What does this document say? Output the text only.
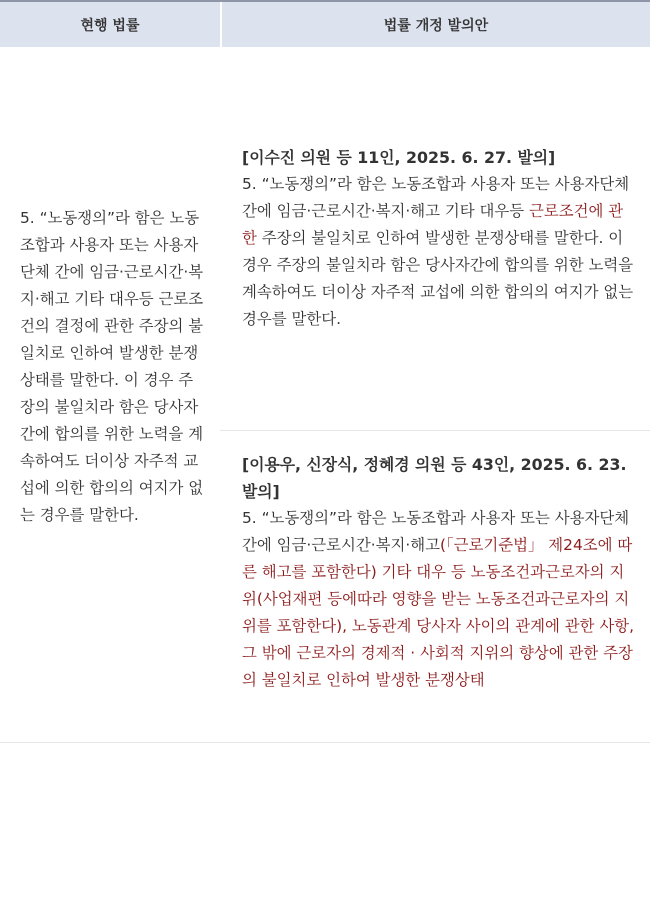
현행 법률	법률 개정 발의안

5. “노동쟁의”라 함은 노동조합과 사용자 또는 사용자단체 간에 임금·근로시간·복지·해고 기타 대우등 근로조건의 결정에 관한 주장의 불일치로 인하여 발생한 분쟁상태를 말한다. 이 경우 주장의 불일치라 함은 당사자간에 합의를 위한 노력을 계속하여도 더이상 자주적 교섭에 의한 합의의 여지가 없는 경우를 말한다.

[이수진 의원 등 11인, 2025. 6. 27. 발의]

5. “노동쟁의”라 함은 노동조합과 사용자 또는 사용자단체 간에 임금·근로시간·복지·해고 기타 대우등 근로조건에 관한 주장의 불일치로 인하여 발생한 분쟁상태를 말한다. 이 경우 주장의 불일치라 함은 당사자간에 합의를 위한 노력을 계속하여도 더이상 자주적 교섭에 의한 합의의 여지가 없는 경우를 말한다.

[이용우, 신장식, 정혜경 의원 등 43인, 2025. 6. 23. 발의]

5. “노동쟁의”라 함은 노동조합과 사용자 또는 사용자단체 간에 임금·근로시간·복지·해고(「근로기준법」 제24조에 따른 해고를 포함한다) 기타 대우 등 노동조건과근로자의 지위(사업재편 등에따라 영향을 받는 노동조건과근로자의 지위를 포함한다), 노동관계 당사자 사이의 관계에 관한 사항, 그 밖에 근로자의 경제적 · 사회적 지위의 향상에 관한 주장의 불일치로 인하여 발생한 분쟁상태
